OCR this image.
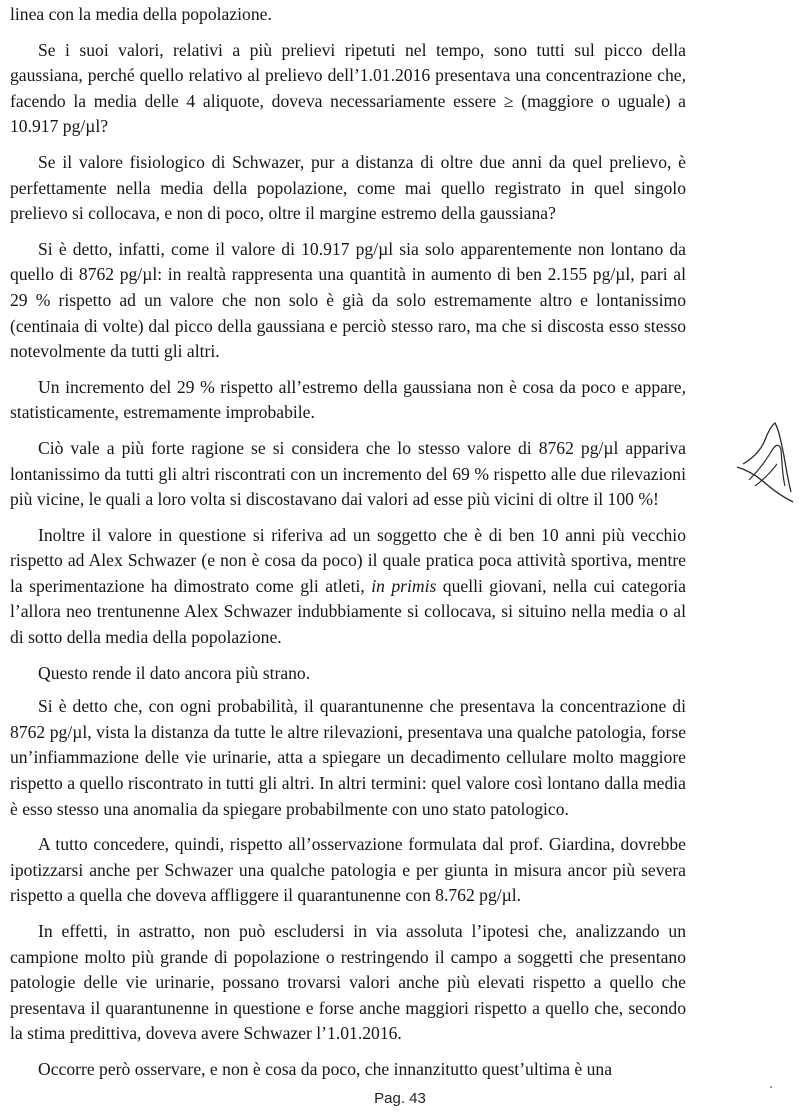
linea con la media della popolazione.

Se i suoi valori, relativi a più prelievi ripetuti nel tempo, sono tutti sul picco della gaussiana, perché quello relativo al prelievo dell’1.01.2016 presentava una concentrazione che, facendo la media delle 4 aliquote, doveva necessariamente essere ≥ (maggiore o uguale) a 10.917 pg/µl?

Se il valore fisiologico di Schwazer, pur a distanza di oltre due anni da quel prelievo, è perfettamente nella media della popolazione, come mai quello registrato in quel singolo prelievo si collocava, e non di poco, oltre il margine estremo della gaussiana?

Si è detto, infatti, come il valore di 10.917 pg/µl sia solo apparentemente non lontano da quello di 8762 pg/µl: in realtà rappresenta una quantità in aumento di ben 2.155 pg/µl, pari al 29 % rispetto ad un valore che non solo è già da solo estremamente altro e lontanissimo (centinaia di volte) dal picco della gaussiana e perciò stesso raro, ma che si discosta esso stesso notevolmente da tutti gli altri.

Un incremento del 29 % rispetto all’estremo della gaussiana non è cosa da poco e appare, statisticamente, estremamente improbabile.

Ciò vale a più forte ragione se si considera che lo stesso valore di 8762 pg/µl appariva lontanissimo da tutti gli altri riscontrati con un incremento del 69 % rispetto alle due rilevazioni più vicine, le quali a loro volta si discostavano dai valori ad esse più vicini di oltre il 100 %!

Inoltre il valore in questione si riferiva ad un soggetto che è di ben 10 anni più vecchio rispetto ad Alex Schwazer (e non è cosa da poco) il quale pratica poca attività sportiva, mentre la sperimentazione ha dimostrato come gli atleti, in primis quelli giovani, nella cui categoria l’allora neo trentunenne Alex Schwazer indubbiamente si collocava, si situino nella media o al di sotto della media della popolazione.

Questo rende il dato ancora più strano.

Si è detto che, con ogni probabilità, il quarantunenne che presentava la concentrazione di 8762 pg/µl, vista la distanza da tutte le altre rilevazioni, presentava una qualche patologia, forse un’infiammazione delle vie urinarie, atta a spiegare un decadimento cellulare molto maggiore rispetto a quello riscontrato in tutti gli altri. In altri termini: quel valore così lontano dalla media è esso stesso una anomalia da spiegare probabilmente con uno stato patologico.

A tutto concedere, quindi, rispetto all’osservazione formulata dal prof. Giardina, dovrebbe ipotizzarsi anche per Schwazer una qualche patologia e per giunta in misura ancor più severa rispetto a quella che doveva affliggere il quarantunenne con 8.762 pg/µl.

In effetti, in astratto, non può escludersi in via assoluta l’ipotesi che, analizzando un campione molto più grande di popolazione o restringendo il campo a soggetti che presentano patologie delle vie urinarie, possano trovarsi valori anche più elevati rispetto a quello che presentava il quarantunenne in questione e forse anche maggiori rispetto a quello che, secondo la stima predittiva, doveva avere Schwazer l’1.01.2016.

Occorre però osservare, e non è cosa da poco, che innanzitutto quest’ultima è una

Pag. 43
